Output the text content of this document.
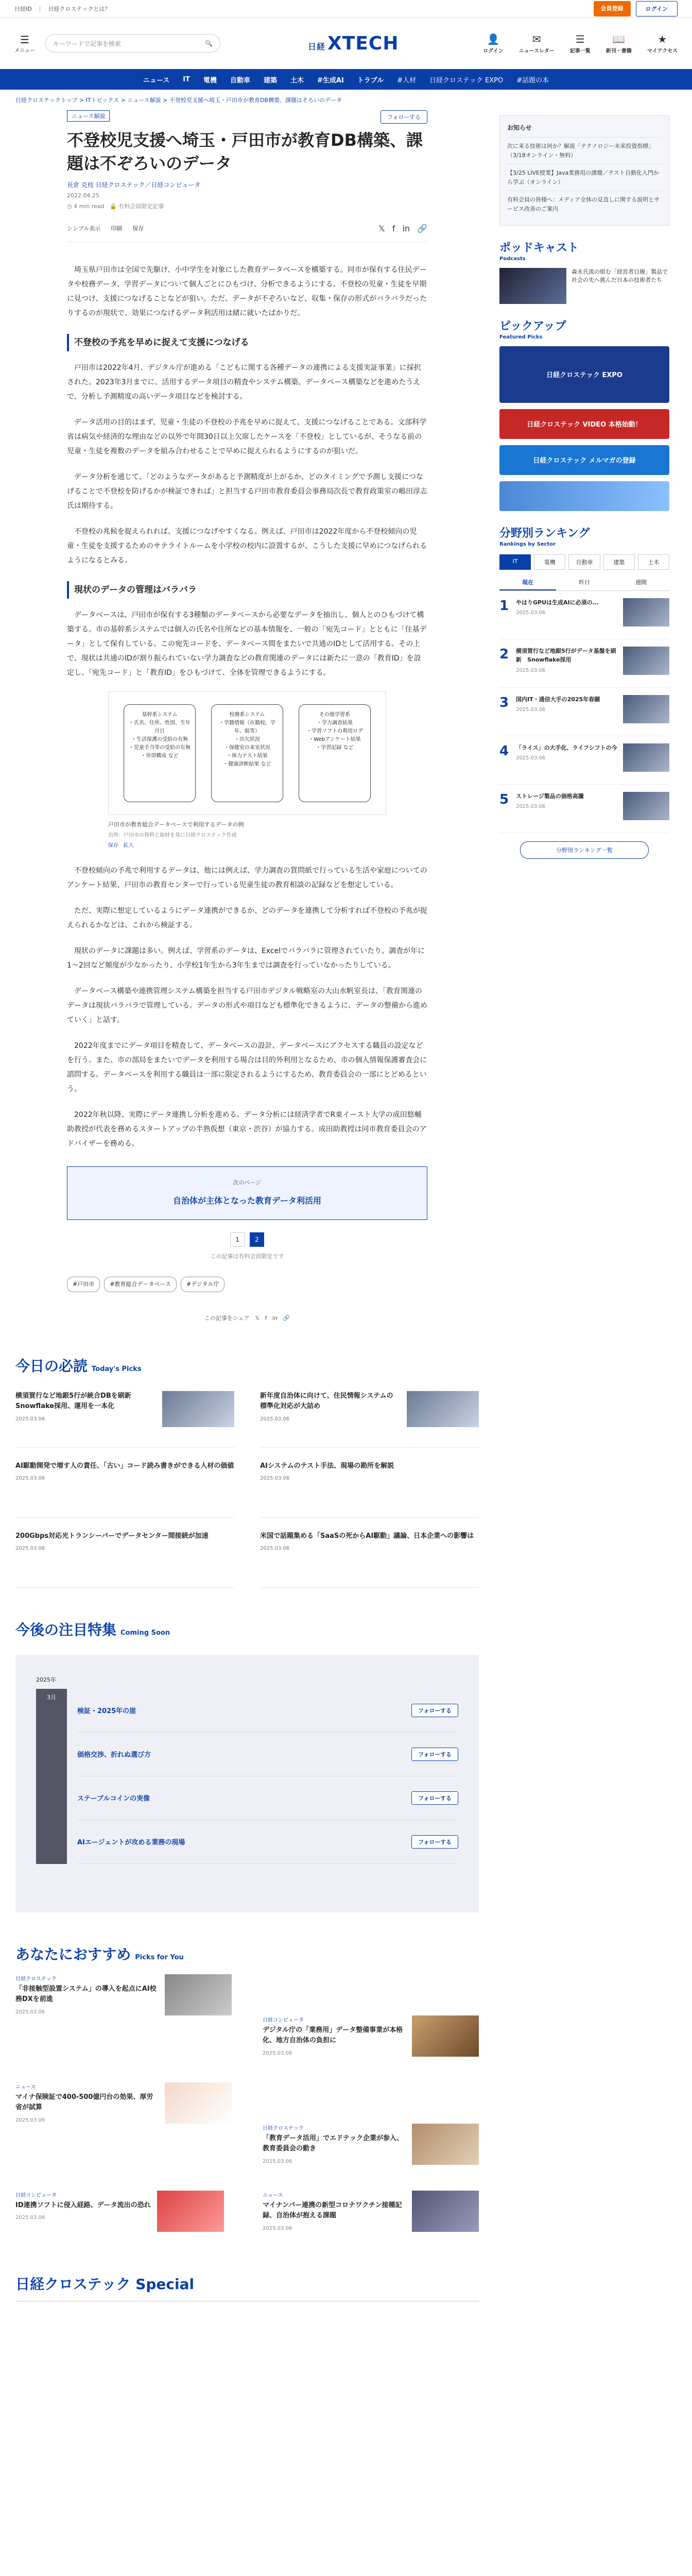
日経ID | 日経クロステックとは？	会員登録	ログイン
☰
メニュー
キーワードで記事を検索	🔍	日経 XTECH	👤
ログイン
✉
ニュースレター
☰
記事一覧
📖
新刊・書籍
★
マイアクセス
ニュース IT 電機 自動車 建築 土木 #生成AI トラブル #人材 日経クロステック EXPO #話題の本
日経クロステックトップ > ITトピックス > ニュース解説 > 不登校児支援へ埼玉・戸田市が教育DB構築、課題はそろいのデータ
ニュース解説	フォローする
不登校児支援へ埼玉・戸田市が教育DB構築、課題は不ぞろいのデータ
長倉 克枝 日経クロステック／日経コンピュータ
2022.04.25
◷ 4 min read 🔒 有料会員限定記事
シンプル表示 印刷 保存	𝕏 f in 🔗

埼玉県戸田市は全国で先駆け、小中学生を対象にした教育データベースを構築する。同市が保有する住民データや校務データ、学習データについて個人ごとにひもづけ、分析できるようにする。不登校の児童・生徒を早期に見つけ、支援につなげることなどが狙い。ただ、データが不ぞろいなど、収集・保存の形式がバラバラだったりするのが現状で、効果につなげるデータ利活用は緒に就いたばかりだ。

不登校の予兆を早めに捉えて支援につなげる

戸田市は2022年4月、デジタル庁が進める「こどもに関する各種データの連携による支援実証事業」に採択された。2023年3月までに、活用するデータ項目の精査やシステム構築、データベース構築などを進めたうえで、分析し予測精度の高いデータ項目などを検討する。

データ活用の目的はまず、児童・生徒の不登校の予兆を早めに捉えて、支援につなげることである。文部科学省は病気や経済的な理由などの以外で年間30日以上欠席したケースを「不登校」としているが、そうなる前の児童・生徒を複数のデータを組み合わせることで早めに捉えられるようにするのが狙いだ。

データ分析を通じて、「どのようなデータがあると予測精度が上がるか、どのタイミングで予測し支援につなげることで不登校を防げるかが検証できれば」と担当する戸田市教育委員会事務局次長で教育政策室の嶋田淳志氏は期待する。

不登校の兆候を捉えられれば、支援につなげやすくなる。例えば、戸田市は2022年度から不登校傾向の児童・生徒を支援するためのサテライトルームを小学校の校内に設置するが、こうした支援に早めにつなげられるようになるとみる。

現状のデータの管理はバラバラ

データベースは、戸田市が保有する3種類のデータベースから必要なデータを抽出し、個人とのひもづけて構築する。市の基幹系システムでは個人の氏名や住所などの基本情報を、一般の「宛先コード」とともに「住基データ」として保有している。この宛先コードを、データベース間をまたいで共通のIDとして活用する。その上で、現状は共通のIDが割り振られていない学力調査などの教育関連のデータには新たに一意の「教育ID」を設定し、「宛先コード」と「教育ID」をひもづけて、全体を管理できるようにする。

基幹系システム
・氏名、住所、性別、生年月日
・生活保護の受給の有無
・児童手当等の受給の有無
・世帯構成 など
校務系システム
・学籍情報（在籍校、学年、組等）
・出欠状況
・保健室の来室状況
・体力テスト結果
・健康診断結果 など
その他学習系
・学力調査結果
・学習ソフトの利用ログ
・Webアンケート結果
・学習記録 など
戸田市が教育総合データベースで利用するデータの例
出所：戸田市の資料と取材を基に日経クロステック作成
保存 拡大

不登校傾向の予兆で利用するデータは、他には例えば、学力調査の質問紙で行っている生活や家庭についてのアンケート結果、戸田市の教育センターで行っている児童生徒の教育相談の記録などを想定している。

ただ、実際に想定しているようにデータ連携ができるか、どのデータを連携して分析すれば不登校の予兆が捉えられるかなどは、これから検証する。

現状のデータに課題は多い。例えば、学習系のデータは、Excelでバラバラに管理されていたり、調査が年に1～2回など頻度が少なかったり、小学校1年生から3年生までは調査を行っていなかったりしている。

データベース構築や連携管理システム構築を担当する戸田市デジタル戦略室の大山水帆室長は、「教育関連のデータは現状バラバラで管理している。データの形式や項目なども標準化できるように、データの整備から進めていく」と話す。

2022年度までにデータ項目を精査して、データベースの設計、データベースにアクセスする職員の設定などを行う。また、市の部局をまたいでデータを利用する場合は目的外利用となるため、市の個人情報保護審査会に諮問する。データベースを利用する職員は一部に限定されるようにするため、教育委員会の一部にとどめるという。

2022年秋以降、実際にデータ連携し分析を進める。データ分析には経済学者でR東イースト大学の成田悠輔助教授が代表を務めるスタートアップの半熟仮想（東京・渋谷）が協力する。成田助教授は同市教育委員会のアドバイザーを務める。

次のページ
自治体が主体となった教育データ利活用
1	2
この記事は有料会員限定です
#戸田市	#教育総合データベース	#デジタル庁
この記事をシェア 𝕏 f in 🔗
今日の必読 Today's Picks
横須賀行など地銀5行が統合DBを刷新　Snowflake採用、運用を一本化
2025.03.06
新年度自治体に向けて、住民情報システムの標準化対応が大詰め
2025.03.06
AI駆動開発で増す人の責任、「古い」コード読み書きができる人材の価値
2025.03.06
AIシステムのテスト手法、現場の勘所を解説
2025.03.06
200Gbps対応光トランシーバーでデータセンター間接続が加速
2025.03.06
米国で話題集める「SaaSの死からAI駆動」議論、日本企業への影響は
2025.03.06
今後の注目特集 Coming Soon
2025年
3月
検証・2025年の崖	フォローする
価格交渉、折れぬ選び方	フォローする
ステーブルコインの実像	フォローする
AIエージェントが攻める業務の現場	フォローする
あなたにおすすめ Picks for You
日経クロステック
「非接触型設置システム」の導入を起点にAI校務DXを前進
2025.03.06
日経コンピュータ
デジタル庁の「業務用」データ整備事業が本格化、地方自治体の負担に
2025.03.06
ニュース
マイナ保険証で400-500億円台の効果、厚労省が試算
2025.03.06
日経クロステック
「教育データ活用」でエドテック企業が参入、教育委員会の動き
2025.03.06
日経コンピュータ
ID連携ソフトに侵入経路、データ流出の恐れ
2025.03.06
ニュース
マイナンバー連携の新型コロナワクチン接種記録、自治体が抱える課題
2025.03.06
日経クロステック Special
お知らせ
次に来る技術は何か？解説「テクノロジー未来投資指標」（3/18オンライン・無料）
【3/25 LIVE授業】Java業務用の課題／テスト自動化入門から学ぶ（オンライン）
有料会員の皆様へ：メディア全体の見直しに関する説明とサービス改善のご案内
ポッドキャスト
Podcasts
森永氏流の組む「経営者目線」製品で社会の先へ挑んだ日本の技術者たち
ピックアップ
Featured Picks
日経クロステック EXPO
日経クロステック VIDEO 本格始動！
日経クロステック メルマガの登録
分野別ランキング
Rankings by Sector
IT	電機	自動車	建築	土木
現在	昨日	週間
1	やはりGPUは生成AIに必須の…
2025.03.06
2	横須賀行など地銀5行がデータ基盤を刷新　Snowflake採用
2025.03.06
3	国内IT・通信大手の2025年春闘
2025.03.06
4	「ライス」の大手化、ライフシフトの今
2025.03.06
5	ストレージ製品の価格高騰
2025.03.06
分野別ランキング一覧
